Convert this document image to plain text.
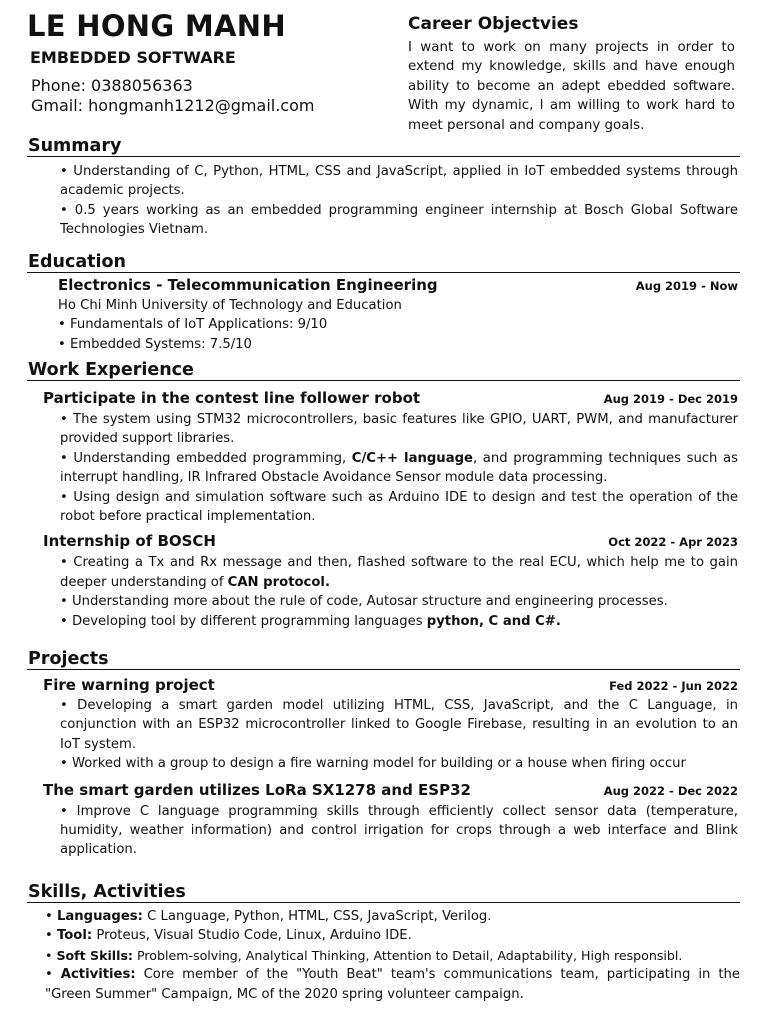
LE HONG MANH
EMBEDDED SOFTWARE
Phone: 0388056363
Gmail: hongmanh1212@gmail.com
Career Objectvies

I want to work on many projects in order to extend my knowledge, skills and have enough ability to become an adept ebedded software. With my dynamic, I am willing to work hard to meet personal and company goals.

Summary
• Understanding of C, Python, HTML, CSS and JavaScript, applied in IoT embedded systems through academic projects.
• 0.5 years working as an embedded programming engineer internship at Bosch Global Software Technologies Vietnam.
Education
Electronics - Telecommunication Engineering	Aug 2019 - Now
Ho Chi Minh University of Technology and Education
• Fundamentals of IoT Applications: 9/10
• Embedded Systems: 7.5/10
Work Experience
Participate in the contest line follower robot	Aug 2019 - Dec 2019
• The system using STM32 microcontrollers, basic features like GPIO, UART, PWM, and manufacturer provided support libraries.
• Understanding embedded programming, C/C++ language, and programming techniques such as interrupt handling, IR Infrared Obstacle Avoidance Sensor module data processing.
• Using design and simulation software such as Arduino IDE to design and test the operation of the robot before practical implementation.
Internship of BOSCH	Oct 2022 - Apr 2023
• Creating a Tx and Rx message and then, flashed software to the real ECU, which help me to gain deeper understanding of CAN protocol.
• Understanding more about the rule of code, Autosar structure and engineering processes.
• Developing tool by different programming languages python, C and C#.
Projects
Fire warning project	Fed 2022 - Jun 2022
• Developing a smart garden model utilizing HTML, CSS, JavaScript, and the C Language, in conjunction with an ESP32 microcontroller linked to Google Firebase, resulting in an evolution to an IoT system.
• Worked with a group to design a fire warning model for building or a house when firing occur
The smart garden utilizes LoRa SX1278 and ESP32	Aug 2022 - Dec 2022
• Improve C language programming skills through efficiently collect sensor data (temperature, humidity, weather information) and control irrigation for crops through a web interface and Blink application.
Skills, Activities
• Languages: C Language, Python, HTML, CSS, JavaScript, Verilog.
• Tool: Proteus, Visual Studio Code, Linux, Arduino IDE.
• Soft Skills: Problem-solving, Analytical Thinking, Attention to Detail, Adaptability, High responsibl.
• Activities: Core member of the "Youth Beat" team's communications team, participating in the "Green Summer" Campaign, MC of the 2020 spring volunteer campaign.
